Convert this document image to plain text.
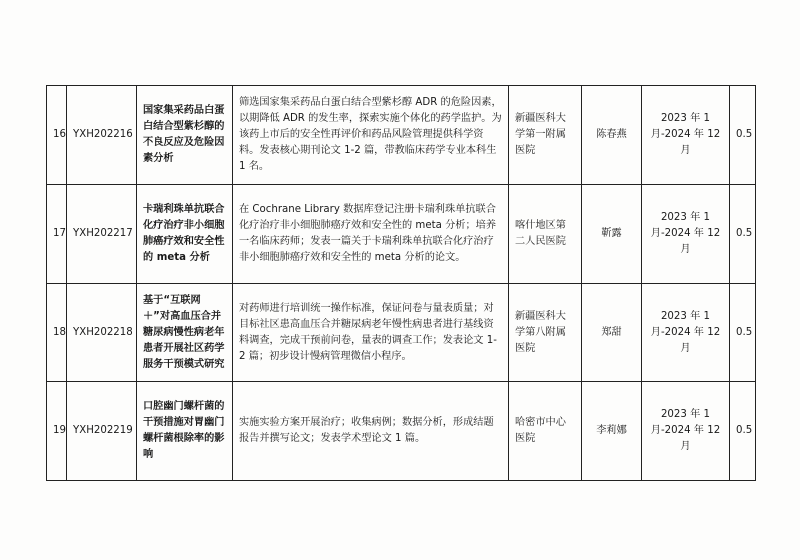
16	YXH202216	国家集采药品白蛋白结合型紫杉醇的不良反应及危险因素分析	筛选国家集采药品白蛋白结合型紫杉醇 ADR 的危险因素，以期降低 ADR 的发生率，探索实施个体化的药学监护。为该药上市后的安全性再评价和药品风险管理提供科学资料。发表核心期刊论文 1-2 篇，带教临床药学专业本科生 1 名。	新疆医科大学第一附属医院	陈春燕	2023 年 1 月-2024 年 12 月	0.5
17	YXH202217	卡瑞利珠单抗联合化疗治疗非小细胞肺癌疗效和安全性的 meta 分析	在 Cochrane Library 数据库登记注册卡瑞利珠单抗联合化疗治疗非小细胞肺癌疗效和安全性的 meta 分析；培养一名临床药师；发表一篇关于卡瑞利珠单抗联合化疗治疗非小细胞肺癌疗效和安全性的 meta 分析的论文。	喀什地区第二人民医院	靳露	2023 年 1 月-2024 年 12 月	0.5
18	YXH202218	基于“互联网＋”对高血压合并糖尿病慢性病老年患者开展社区药学服务干预模式研究	对药师进行培训统一操作标准，保证问卷与量表质量；对目标社区患高血压合并糖尿病老年慢性病患者进行基线资料调查，完成干预前问卷，量表的调查工作；发表论文 1-2 篇；初步设计慢病管理微信小程序。	新疆医科大学第八附属医院	郑甜	2023 年 1 月-2024 年 12 月	0.5
19	YXH202219	口腔幽门螺杆菌的干预措施对胃幽门螺杆菌根除率的影响	实施实验方案开展治疗；收集病例；数据分析，形成结题报告并撰写论文；发表学术型论文 1 篇。	哈密市中心医院	李莉娜	2023 年 1 月-2024 年 12 月	0.5
